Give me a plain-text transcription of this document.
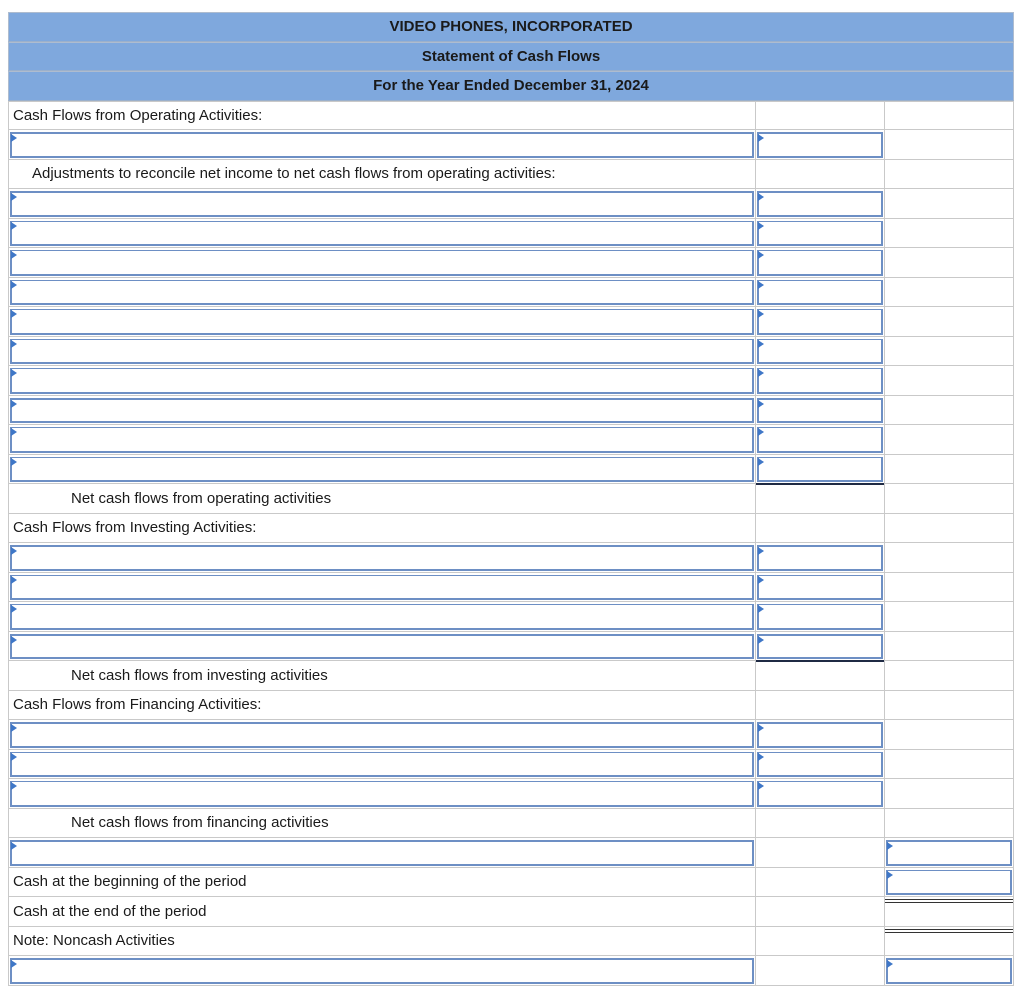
VIDEO PHONES, INCORPORATED
Statement of Cash Flows
For the Year Ended December 31, 2024
Cash Flows from Operating Activities:
Adjustments to reconcile net income to net cash flows from operating activities:
Net cash flows from operating activities
Cash Flows from Investing Activities:
Net cash flows from investing activities
Cash Flows from Financing Activities:
Net cash flows from financing activities
Cash at the beginning of the period
Cash at the end of the period
Note: Noncash Activities
